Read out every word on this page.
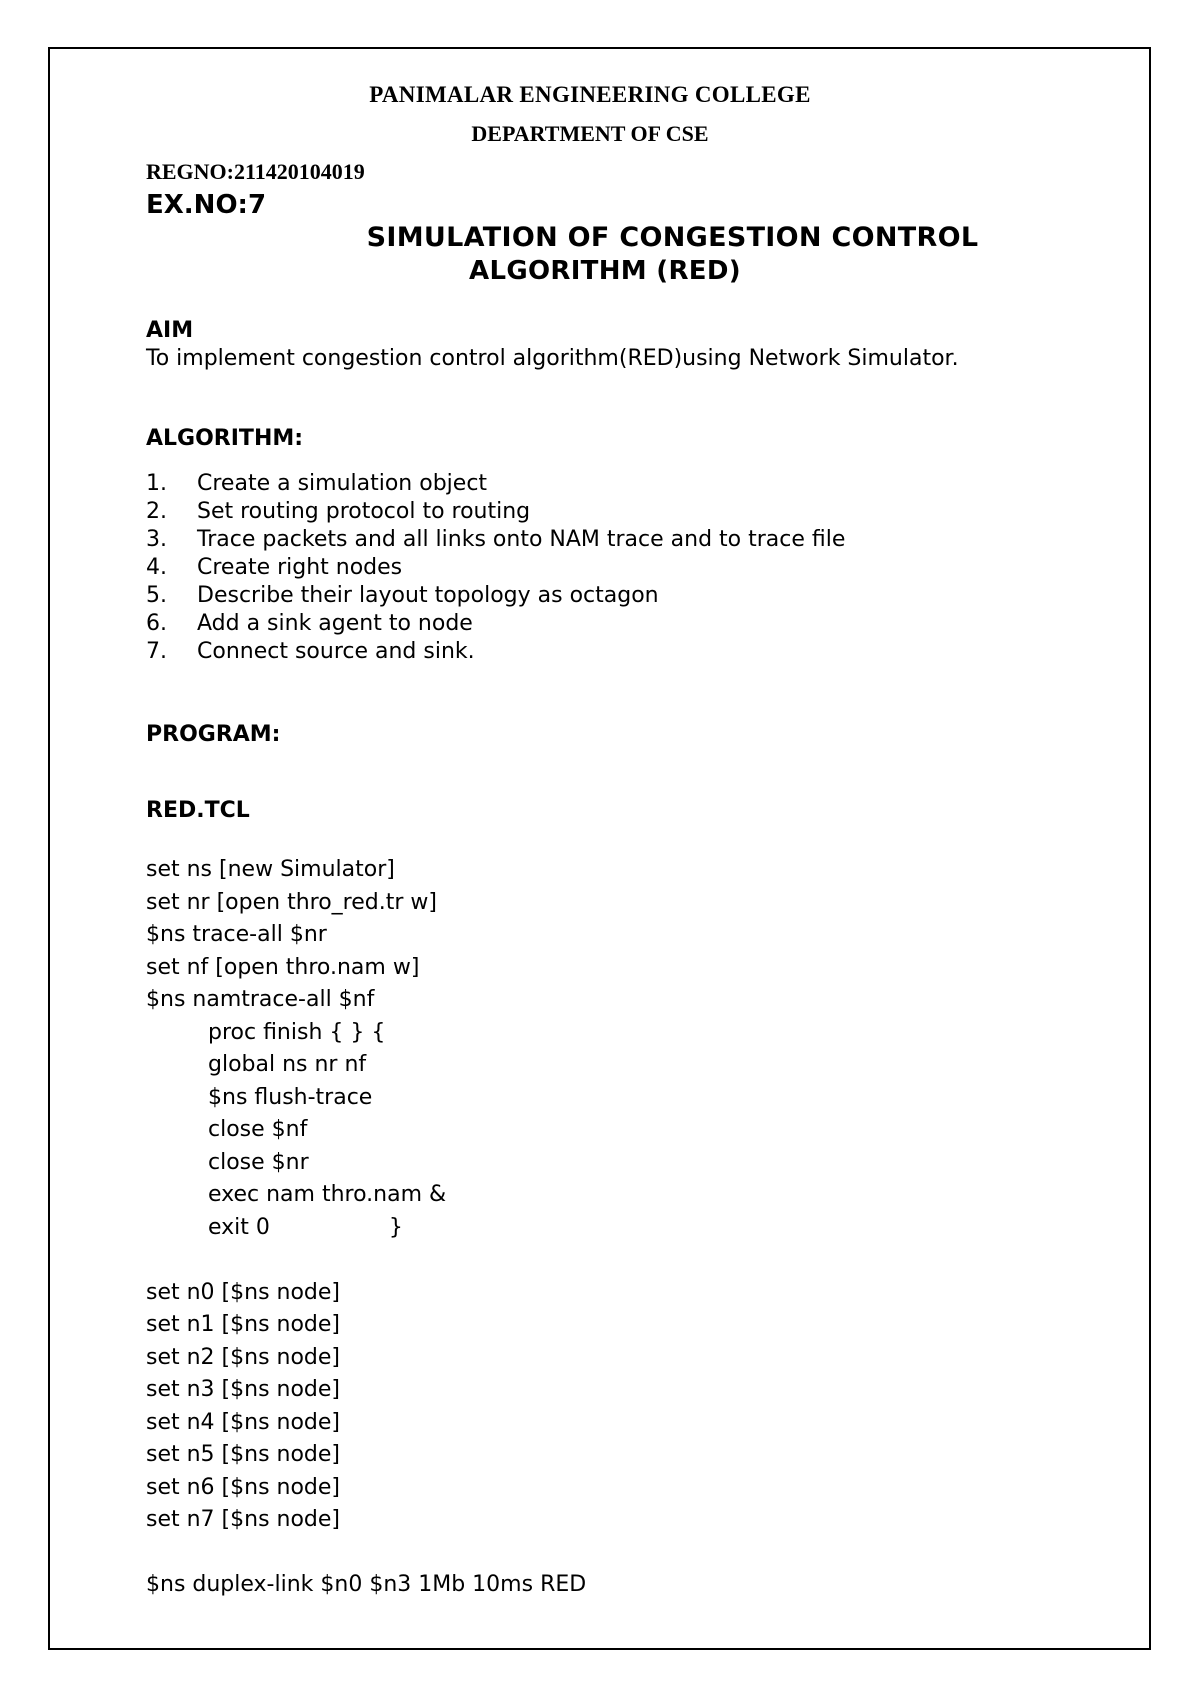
PANIMALAR ENGINEERING COLLEGE
DEPARTMENT OF CSE
REGNO:211420104019
EX.NO:7
SIMULATION OF CONGESTION CONTROL
ALGORITHM (RED)
AIM
To implement congestion control algorithm(RED)using Network Simulator.
ALGORITHM:
1. Create a simulation object
2. Set routing protocol to routing
3. Trace packets and all links onto NAM trace and to trace file
4. Create right nodes
5. Describe their layout topology as octagon
6. Add a sink agent to node
7. Connect source and sink.
PROGRAM:
RED.TCL
set ns [new Simulator]
set nr [open thro_red.tr w]
$ns trace-all $nr
set nf [open thro.nam w]
$ns namtrace-all $nf
proc finish { } {
global ns nr nf
$ns flush-trace
close $nf
close $nr
exec nam thro.nam &
exit 0	}
set n0 [$ns node]
set n1 [$ns node]
set n2 [$ns node]
set n3 [$ns node]
set n4 [$ns node]
set n5 [$ns node]
set n6 [$ns node]
set n7 [$ns node]
$ns duplex-link $n0 $n3 1Mb 10ms RED
